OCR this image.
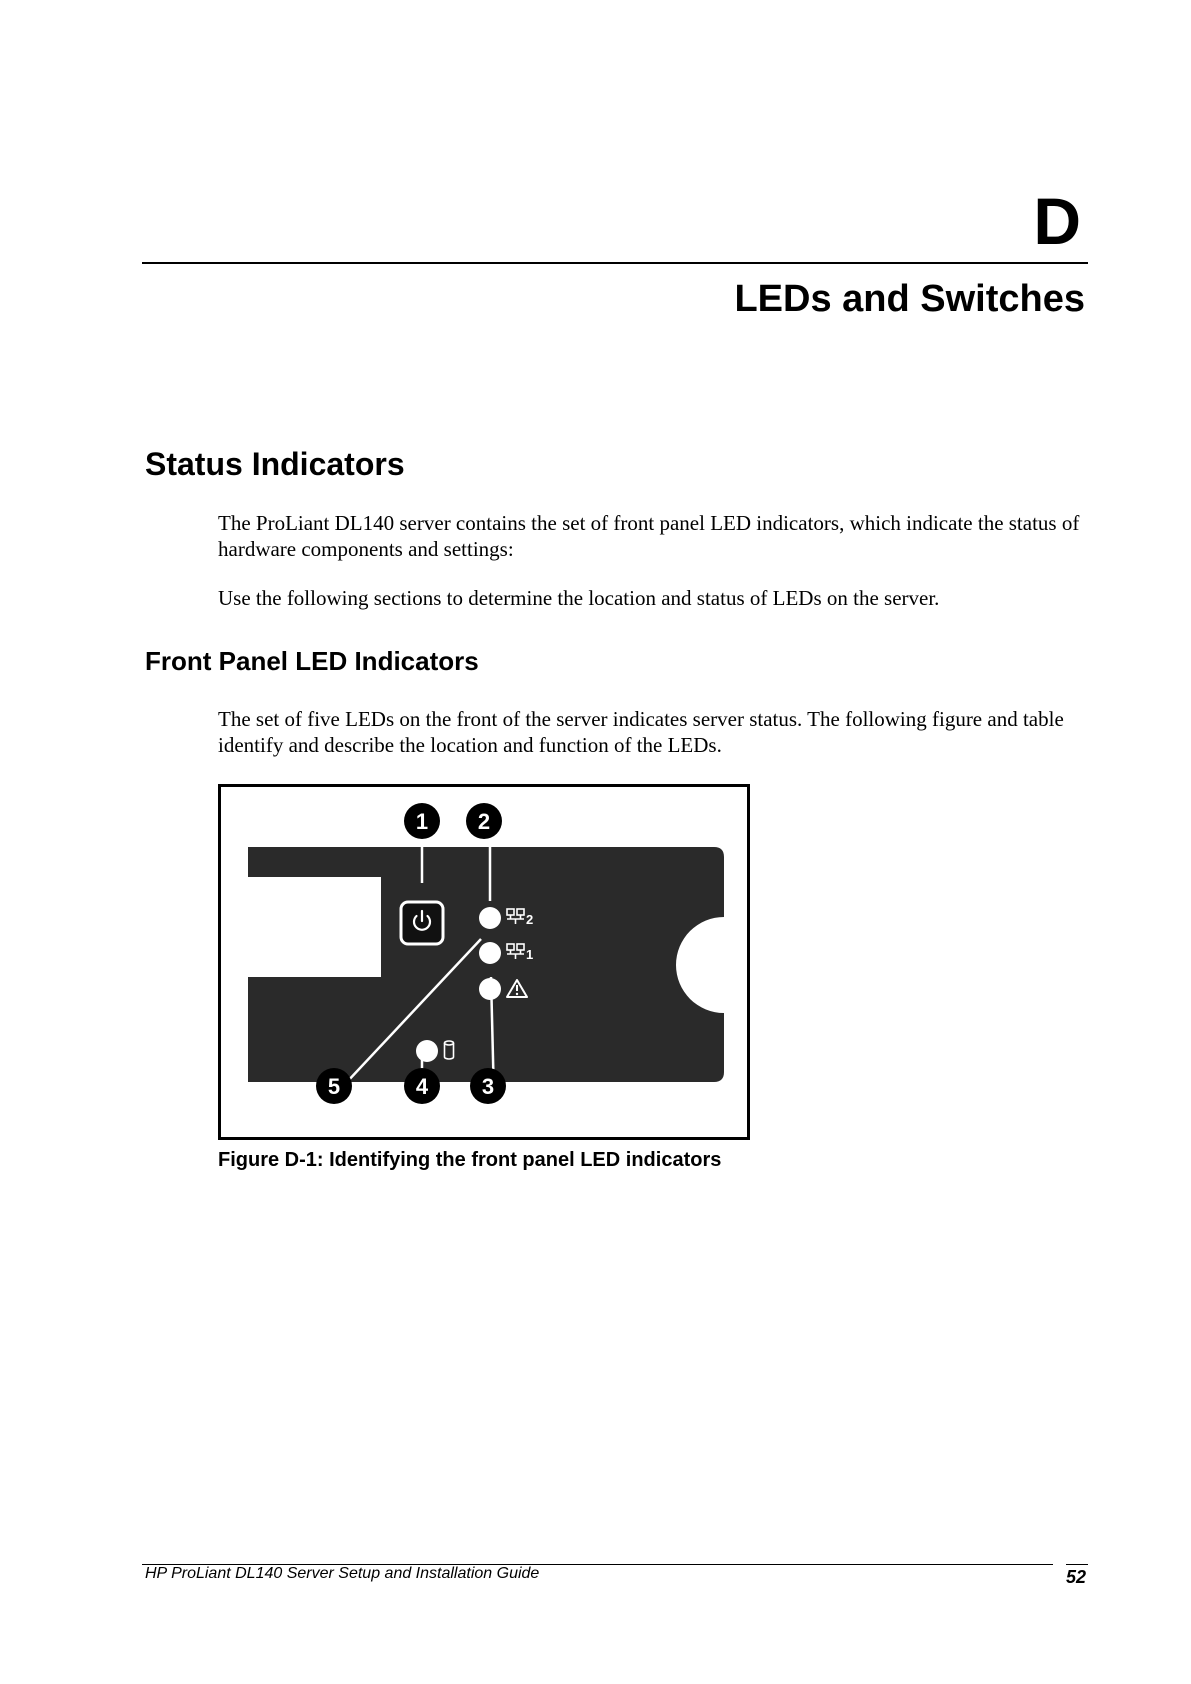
D
LEDs and Switches
Status Indicators

The ProLiant DL140 server contains the set of front panel LED indicators, which indicate the status of hardware components and settings:

Use the following sections to determine the location and status of LEDs on the server.

Front Panel LED Indicators

The set of five LEDs on the front of the server indicates server status. The following figure and table identify and describe the location and function of the LEDs.

2
1
1 2
3
4
5
Figure D-1: Identifying the front panel LED indicators
HP ProLiant DL140 Server Setup and Installation Guide	52
